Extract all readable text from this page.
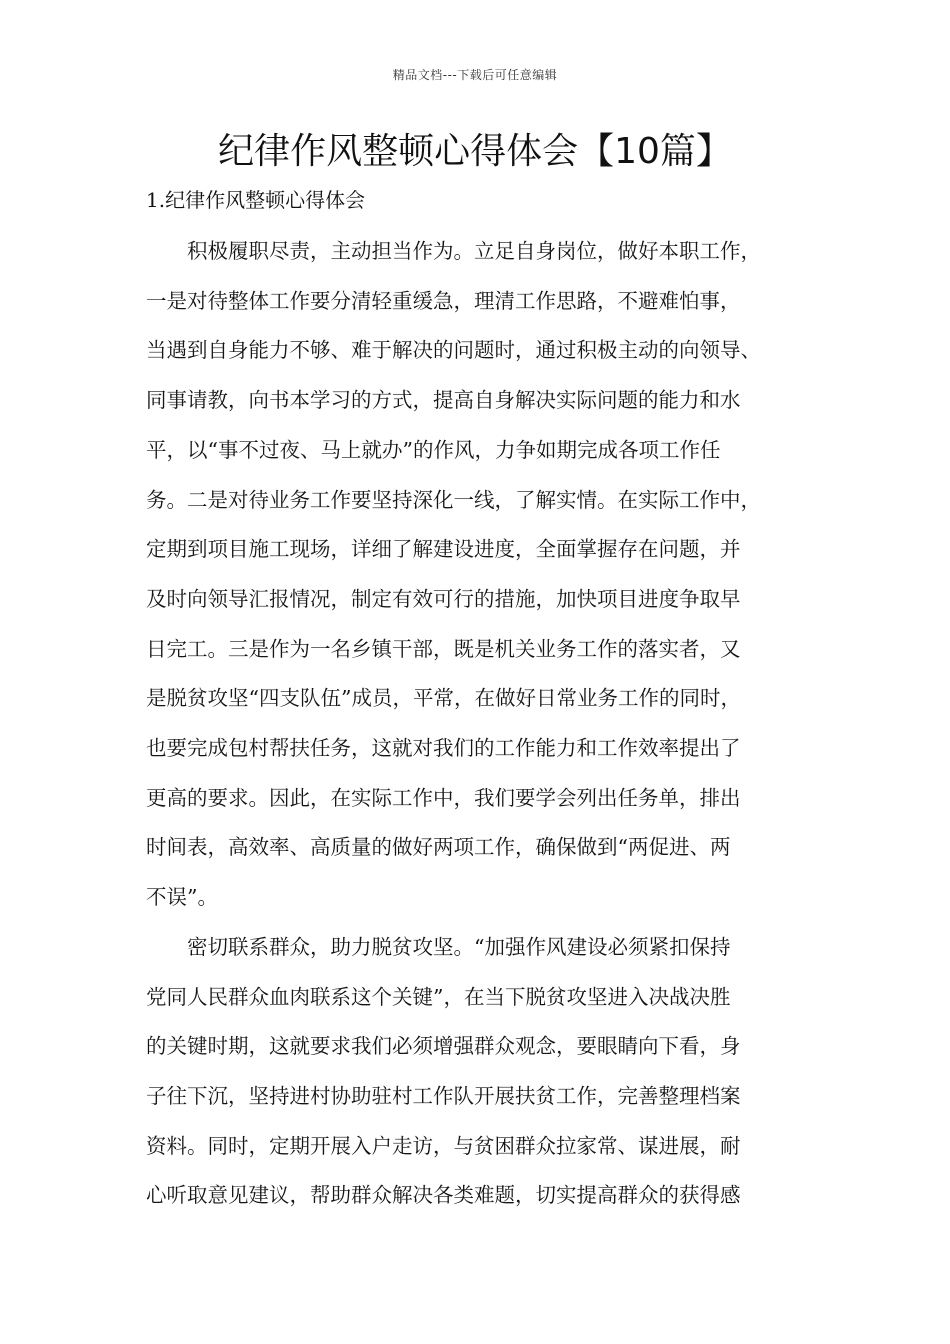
精品文档---下载后可任意编辑
纪律作风整顿心得体会【10篇】
1.纪律作风整顿心得体会

积极履职尽责，主动担当作为。立足自身岗位，做好本职工作，
一是对待整体工作要分清轻重缓急，理清工作思路，不避难怕事，
当遇到自身能力不够、难于解决的问题时，通过积极主动的向领导、
同事请教，向书本学习的方式，提高自身解决实际问题的能力和水
平，以“事不过夜、马上就办”的作风，力争如期完成各项工作任
务。二是对待业务工作要坚持深化一线，了解实情。在实际工作中，
定期到项目施工现场，详细了解建设进度，全面掌握存在问题，并
及时向领导汇报情况，制定有效可行的措施，加快项目进度争取早
日完工。三是作为一名乡镇干部，既是机关业务工作的落实者，又
是脱贫攻坚“四支队伍”成员，平常，在做好日常业务工作的同时，
也要完成包村帮扶任务，这就对我们的工作能力和工作效率提出了
更高的要求。因此，在实际工作中，我们要学会列出任务单，排出
时间表，高效率、高质量的做好两项工作，确保做到“两促进、两
不误”。

密切联系群众，助力脱贫攻坚。“加强作风建设必须紧扣保持
党同人民群众血肉联系这个关键”，在当下脱贫攻坚进入决战决胜
的关键时期，这就要求我们必须增强群众观念，要眼睛向下看，身
子往下沉，坚持进村协助驻村工作队开展扶贫工作，完善整理档案
资料。同时，定期开展入户走访，与贫困群众拉家常、谋进展，耐
心听取意见建议，帮助群众解决各类难题，切实提高群众的获得感
